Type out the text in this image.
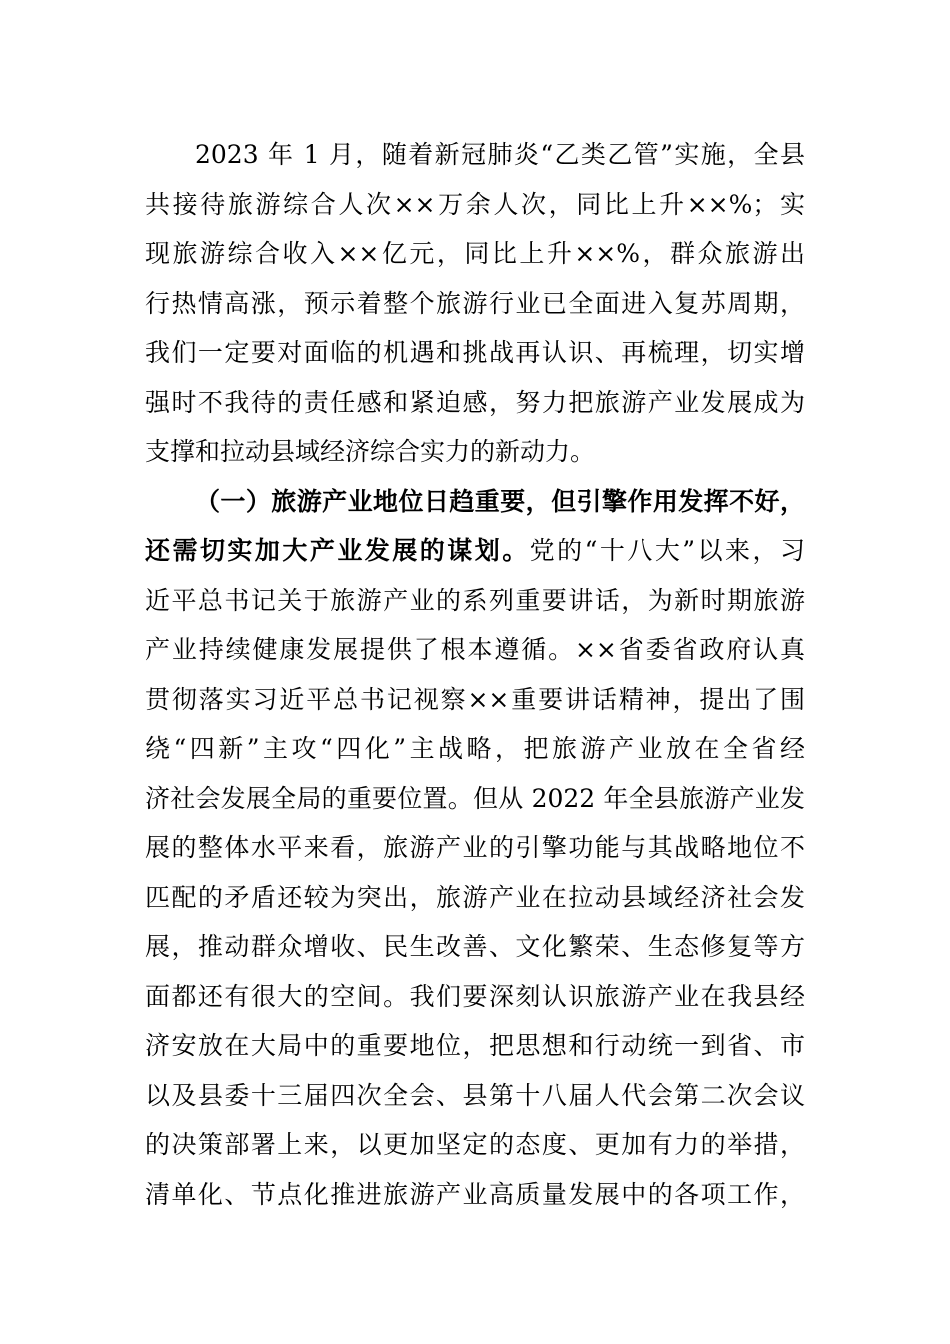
2023 年 1 月，随着新冠肺炎“乙类乙管”实施，全县
共接待旅游综合人次××万余人次，同比上升××%；实
现旅游综合收入××亿元，同比上升××%，群众旅游出
行热情高涨，预示着整个旅游行业已全面进入复苏周期，
我们一定要对面临的机遇和挑战再认识、再梳理，切实增
强时不我待的责任感和紧迫感，努力把旅游产业发展成为
支撑和拉动县域经济综合实力的新动力。
（一）旅游产业地位日趋重要，但引擎作用发挥不好，
还需切实加大产业发展的谋划。党的“十八大”以来，习
近平总书记关于旅游产业的系列重要讲话，为新时期旅游
产业持续健康发展提供了根本遵循。××省委省政府认真
贯彻落实习近平总书记视察××重要讲话精神，提出了围
绕“四新”主攻“四化”主战略，把旅游产业放在全省经
济社会发展全局的重要位置。但从 2022 年全县旅游产业发
展的整体水平来看，旅游产业的引擎功能与其战略地位不
匹配的矛盾还较为突出，旅游产业在拉动县域经济社会发
展，推动群众增收、民生改善、文化繁荣、生态修复等方
面都还有很大的空间。我们要深刻认识旅游产业在我县经
济安放在大局中的重要地位，把思想和行动统一到省、市
以及县委十三届四次全会、县第十八届人代会第二次会议
的决策部署上来，以更加坚定的态度、更加有力的举措，
清单化、节点化推进旅游产业高质量发展中的各项工作，
